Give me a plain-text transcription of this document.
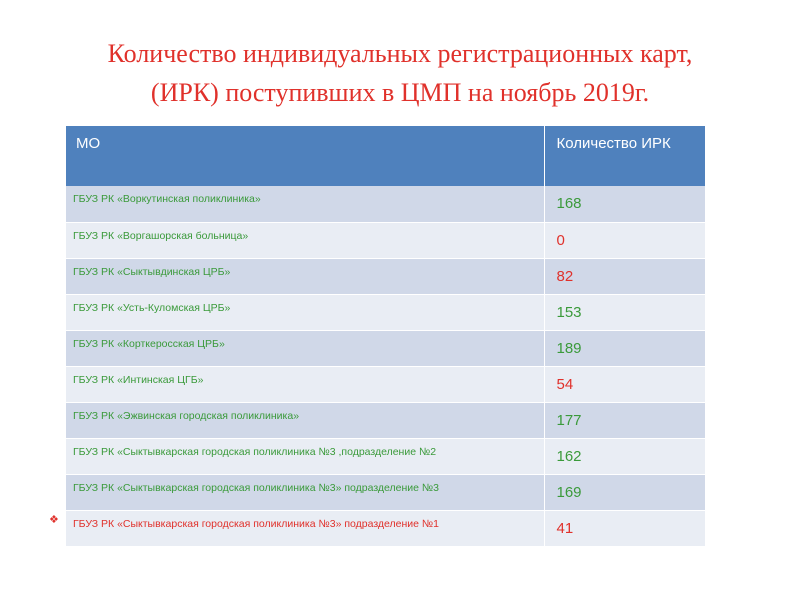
Количество индивидуальных регистрационных карт,
(ИРК) поступивших в ЦМП на ноябрь 2019г.
МО	Количество ИРК
ГБУЗ РК «Воркутинская поликлиника»	168
ГБУЗ РК «Воргашорская больница»	0
ГБУЗ РК «Сыктывдинская ЦРБ»	82
ГБУЗ РК «Усть-Куломская ЦРБ»	153
ГБУЗ РК «Корткеросская ЦРБ»	189
ГБУЗ РК «Интинская ЦГБ»	54
ГБУЗ РК «Эжвинская городская поликлиника»	177
ГБУЗ РК «Сыктывкарская городская поликлиника №3 ,подразделение №2	162
ГБУЗ РК «Сыктывкарская городская поликлиника №3» подразделение №3	169
ГБУЗ РК «Сыктывкарская городская поликлиника №3» подразделение №1	41
❖
